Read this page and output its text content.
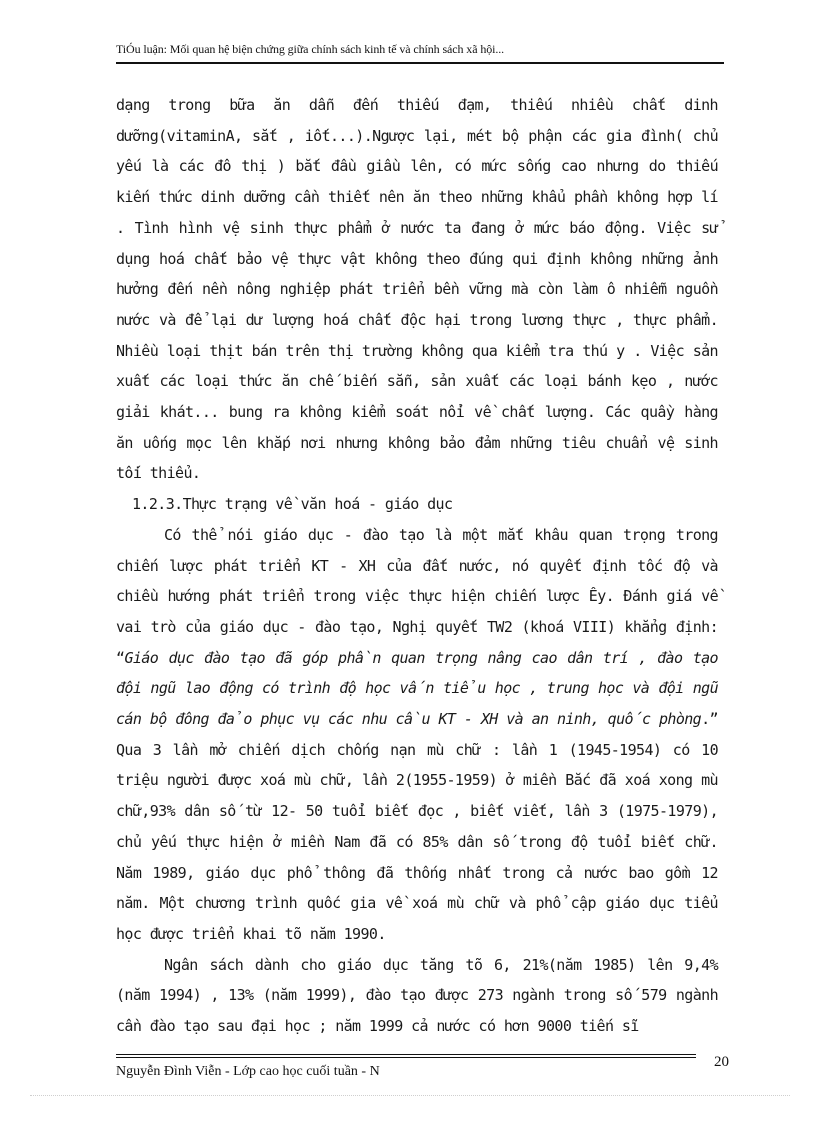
TiÓu luận: Mối quan hệ biện chứng giữa chính sách kinh tế và chính sách xã hội...

dạng trong bữa ăn dẫn đến thiếu đạm, thiếu nhiều chất dinh dưỡng(vitaminA, sắt , iốt...).Ngược lại, mét bộ phận các gia đình( chủ yếu là các đô thị ) bắt đầu giầu lên, có mức sống cao nhưng do thiếu kiến thức dinh dưỡng cần thiết nên ăn theo những khẩu phần không hợp lí . Tình hình vệ sinh thực phẩm ở nước ta đang ở mức báo động. Việc sử dụng hoá chất bảo vệ thực vật không theo đúng qui định không những ảnh hưởng đến nền nông nghiệp phát triển bền vững mà còn làm ô nhiễm nguồn nước và để lại dư lượng hoá chất độc hại trong lương thực , thực phẩm. Nhiều loại thịt bán trên thị trường không qua kiểm tra thú y . Việc sản xuất các loại thức ăn chế biến sẵn, sản xuất các loại bánh kẹo , nước giải khát... bung ra không kiểm soát nổi về chất lượng. Các quầy hàng ăn uống mọc lên khắp nơi nhưng không bảo đảm những tiêu chuẩn vệ sinh tối thiểu.

1.2.3.Thực trạng về văn hoá - giáo dục

Có thể nói giáo dục - đào tạo là một mắt khâu quan trọng trong chiến lược phát triển KT - XH của đất nước, nó quyết định tốc độ và chiều hướng phát triển trong việc thực hiện chiến lược Êy. Đánh giá về vai trò của giáo dục - đào tạo, Nghị quyết TW2 (khoá VIII) khẳng định: “Giáo dục đào tạo đã góp phần quan trọng nâng cao dân trí , đào tạo đội ngũ lao động có trình độ học vấn tiểu học , trung học và đội ngũ cán bộ đông đảo phục vụ các nhu cầu KT - XH và an ninh, quốc phòng.” Qua 3 lần mở chiến dịch chống nạn mù chữ : lần 1 (1945-1954) có 10 triệu người được xoá mù chữ, lần 2(1955-1959) ở miền Bắc đã xoá xong mù chữ,93% dân số từ 12- 50 tuổi biết đọc , biết viết, lần 3 (1975-1979), chủ yếu thực hiện ở miền Nam đã có 85% dân số trong độ tuổi biết chữ. Năm 1989, giáo dục phổ thông đã thống nhất trong cả nước bao gồm 12 năm. Một chương trình quốc gia về xoá mù chữ và phổ cập giáo dục tiểu học được triển khai tõ năm 1990.

Ngân sách dành cho giáo dục tăng tõ 6, 21%(năm 1985) lên 9,4% (năm 1994) , 13% (năm 1999), đào tạo được 273 ngành trong số 579 ngành cần đào tạo sau đại học ; năm 1999 cả nước có hơn 9000 tiến sĩ

Nguyễn Đình Viễn - Lớp cao học cuối tuần - N
20
